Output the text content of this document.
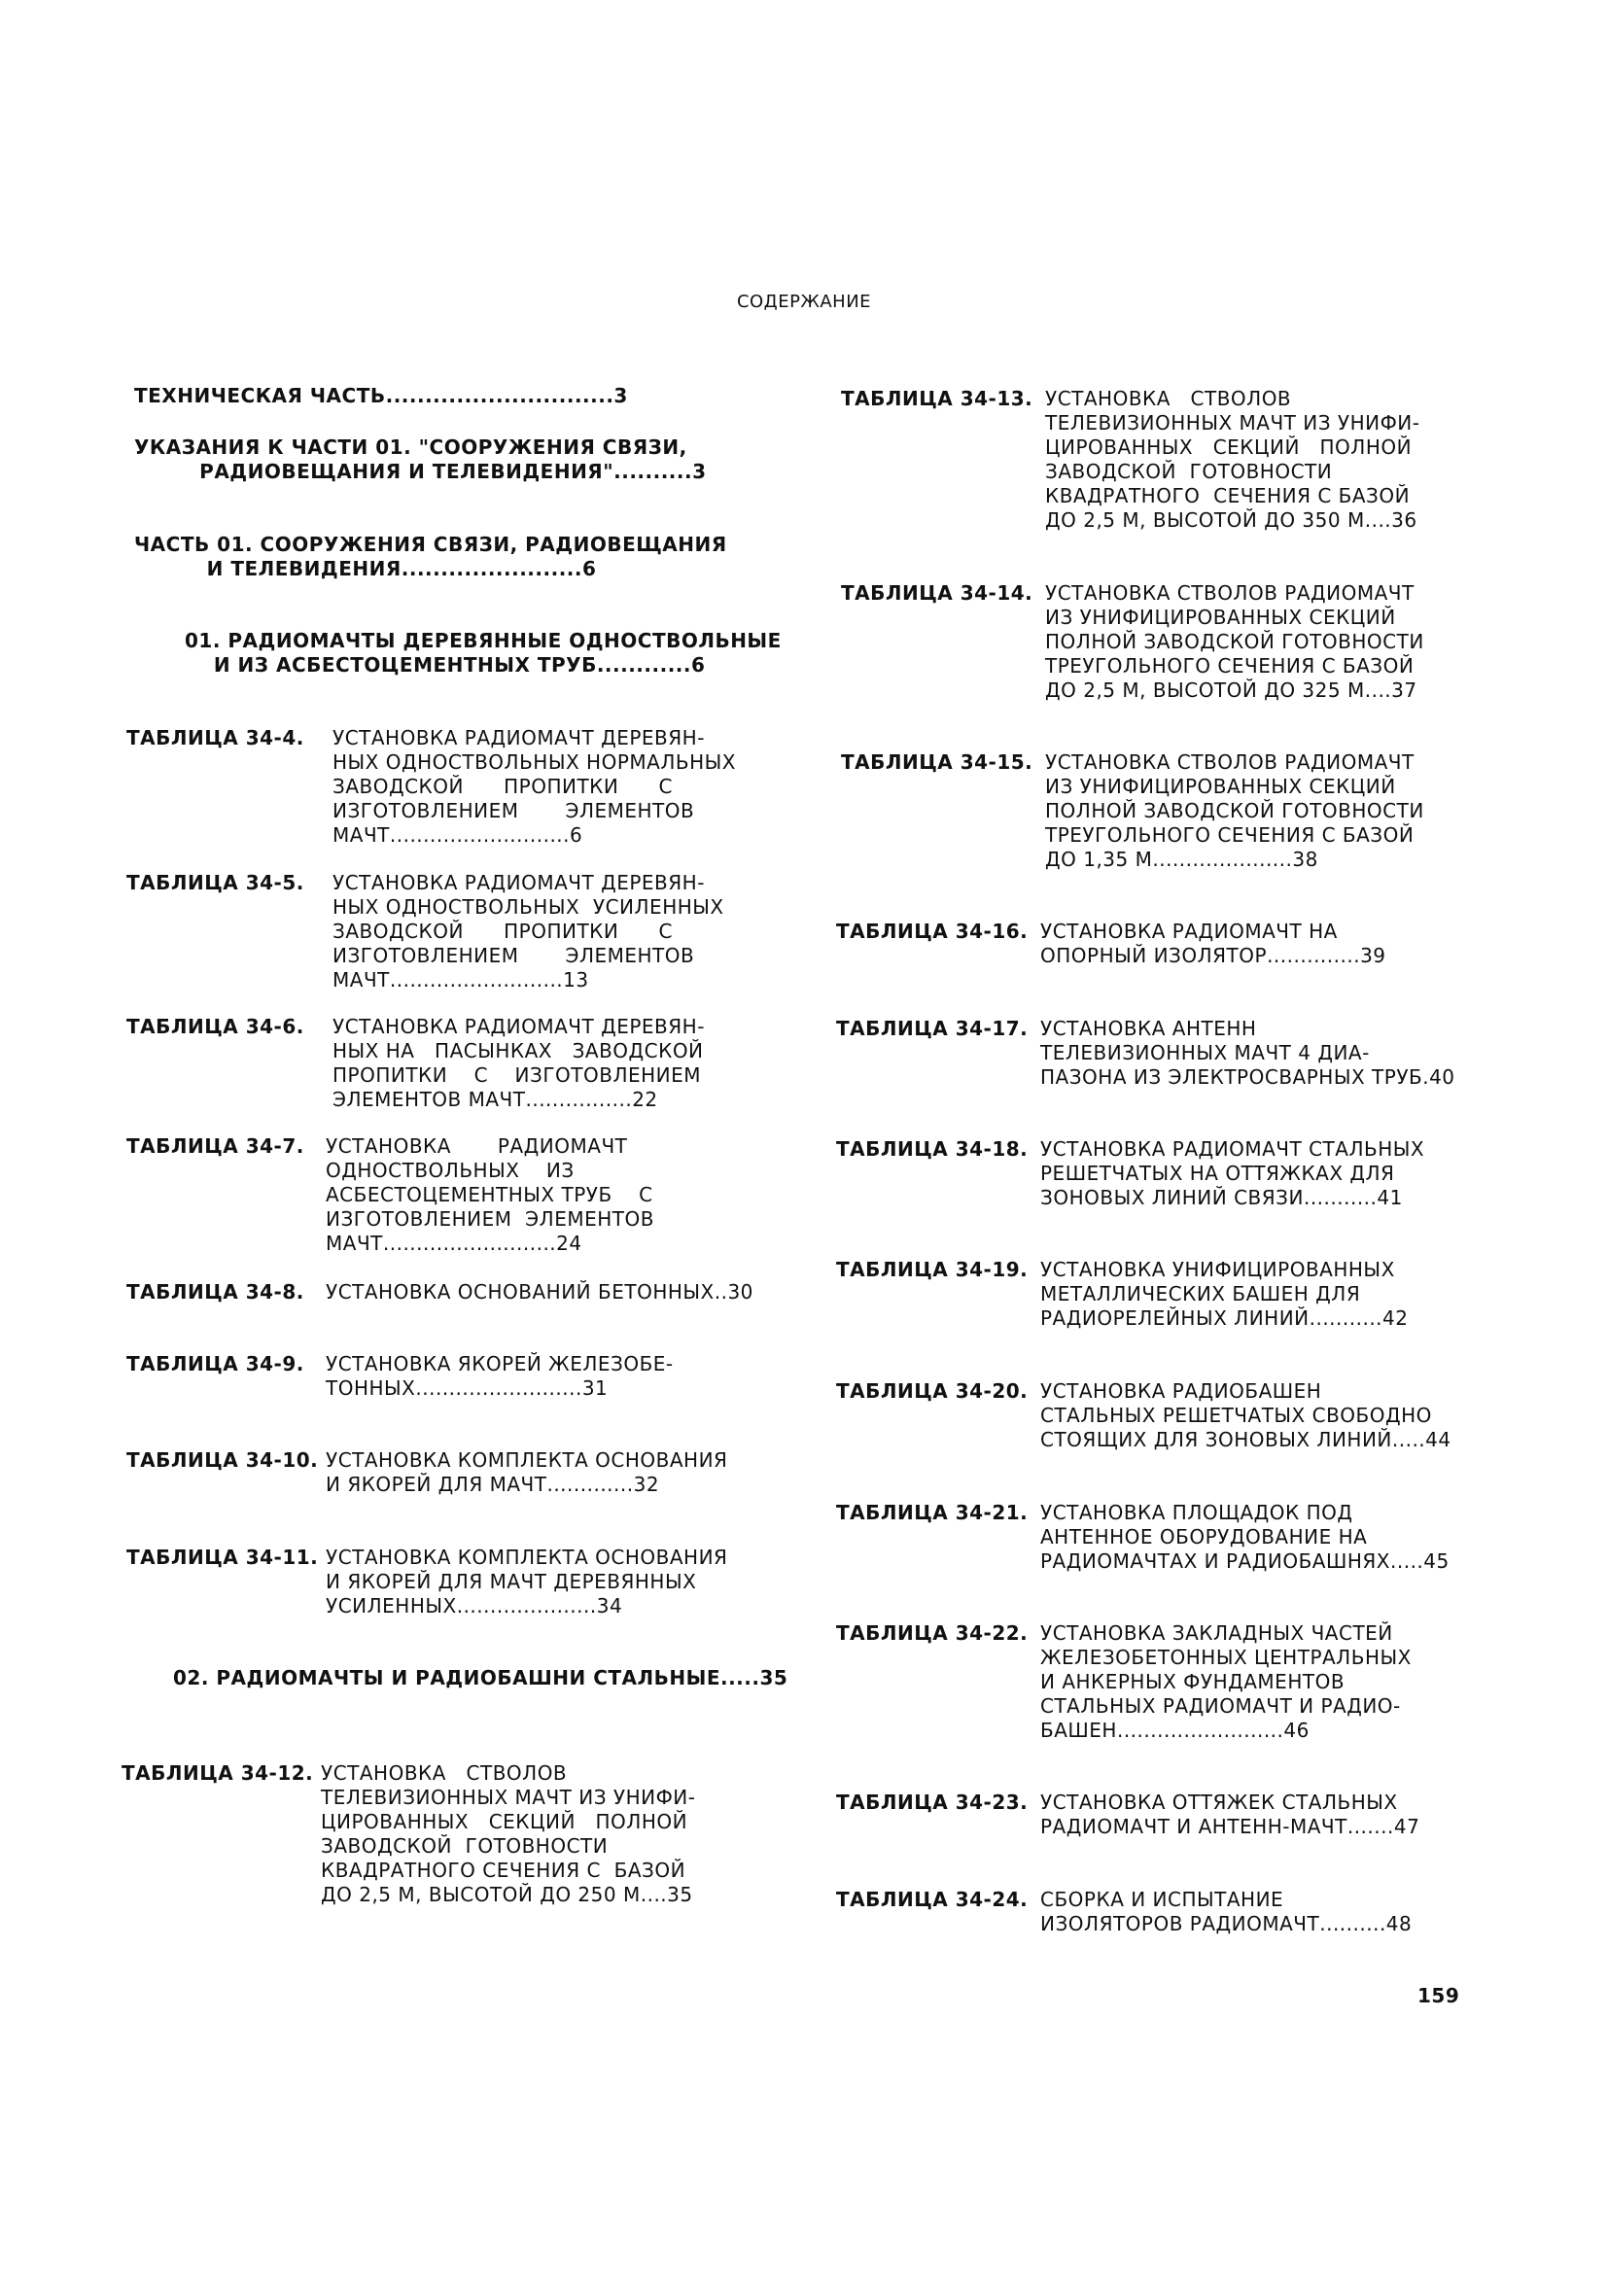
СОДЕРЖАНИЕ
ТЕХНИЧЕСКАЯ ЧАСТЬ.............................3
УКАЗАНИЯ К ЧАСТИ 01. "СООРУЖЕНИЯ СВЯЗИ,
РАДИОВЕЩАНИЯ И ТЕЛЕВИДЕНИЯ"..........3
ЧАСТЬ 01. СООРУЖЕНИЯ СВЯЗИ, РАДИОВЕЩАНИЯ
И ТЕЛЕВИДЕНИЯ.......................6
01. РАДИОМАЧТЫ ДЕРЕВЯННЫЕ ОДНОСТВОЛЬНЫЕ
И ИЗ АСБЕСТОЦЕМЕНТНЫХ ТРУБ............6
ТАБЛИЦА 34-4. УСТАНОВКА РАДИОМАЧТ ДЕРЕВЯН-
НЫХ ОДНОСТВОЛЬНЫХ НОРМАЛЬНЫХ
ЗАВОДСКОЙ      ПРОПИТКИ      С
ИЗГОТОВЛЕНИЕМ       ЭЛЕМЕНТОВ
МАЧТ...........................6
ТАБЛИЦА 34-5. УСТАНОВКА РАДИОМАЧТ ДЕРЕВЯН-
НЫХ ОДНОСТВОЛЬНЫХ  УСИЛЕННЫХ
ЗАВОДСКОЙ      ПРОПИТКИ      С
ИЗГОТОВЛЕНИЕМ       ЭЛЕМЕНТОВ
МАЧТ..........................13
ТАБЛИЦА 34-6. УСТАНОВКА РАДИОМАЧТ ДЕРЕВЯН-
НЫХ НА   ПАСЫНКАХ   ЗАВОДСКОЙ
ПРОПИТКИ    С    ИЗГОТОВЛЕНИЕМ
ЭЛЕМЕНТОВ МАЧТ................22
ТАБЛИЦА 34-7. УСТАНОВКА       РАДИОМАЧТ
ОДНОСТВОЛЬНЫХ    ИЗ
АСБЕСТОЦЕМЕНТНЫХ ТРУБ    С
ИЗГОТОВЛЕНИЕМ  ЭЛЕМЕНТОВ
МАЧТ..........................24
ТАБЛИЦА 34-8. УСТАНОВКА ОСНОВАНИЙ БЕТОННЫХ..30
ТАБЛИЦА 34-9. УСТАНОВКА ЯКОРЕЙ ЖЕЛЕЗОБЕ-
ТОННЫХ.........................31
ТАБЛИЦА 34-10. УСТАНОВКА КОМПЛЕКТА ОСНОВАНИЯ
И ЯКОРЕЙ ДЛЯ МАЧТ.............32
ТАБЛИЦА 34-11. УСТАНОВКА КОМПЛЕКТА ОСНОВАНИЯ
И ЯКОРЕЙ ДЛЯ МАЧТ ДЕРЕВЯННЫХ
УСИЛЕННЫХ.....................34
02. РАДИОМАЧТЫ И РАДИОБАШНИ СТАЛЬНЫЕ.....35
ТАБЛИЦА 34-12. УСТАНОВКА   СТВОЛОВ
ТЕЛЕВИЗИОННЫХ МАЧТ ИЗ УНИФИ-
ЦИРОВАННЫХ   СЕКЦИЙ   ПОЛНОЙ
ЗАВОДСКОЙ  ГОТОВНОСТИ
КВАДРАТНОГО СЕЧЕНИЯ С  БАЗОЙ
ДО 2,5 М, ВЫСОТОЙ ДО 250 М....35
ТАБЛИЦА 34-13. УСТАНОВКА   СТВОЛОВ
ТЕЛЕВИЗИОННЫХ МАЧТ ИЗ УНИФИ-
ЦИРОВАННЫХ   СЕКЦИЙ   ПОЛНОЙ
ЗАВОДСКОЙ  ГОТОВНОСТИ
КВАДРАТНОГО  СЕЧЕНИЯ С БАЗОЙ
ДО 2,5 М, ВЫСОТОЙ ДО 350 М....36
ТАБЛИЦА 34-14. УСТАНОВКА СТВОЛОВ РАДИОМАЧТ
ИЗ УНИФИЦИРОВАННЫХ СЕКЦИЙ
ПОЛНОЙ ЗАВОДСКОЙ ГОТОВНОСТИ
ТРЕУГОЛЬНОГО СЕЧЕНИЯ С БАЗОЙ
ДО 2,5 М, ВЫСОТОЙ ДО 325 М....37
ТАБЛИЦА 34-15. УСТАНОВКА СТВОЛОВ РАДИОМАЧТ
ИЗ УНИФИЦИРОВАННЫХ СЕКЦИЙ
ПОЛНОЙ ЗАВОДСКОЙ ГОТОВНОСТИ
ТРЕУГОЛЬНОГО СЕЧЕНИЯ С БАЗОЙ
ДО 1,35 М.....................38
ТАБЛИЦА 34-16. УСТАНОВКА РАДИОМАЧТ НА
ОПОРНЫЙ ИЗОЛЯТОР..............39
ТАБЛИЦА 34-17. УСТАНОВКА АНТЕНН
ТЕЛЕВИЗИОННЫХ МАЧТ 4 ДИА-
ПАЗОНА ИЗ ЭЛЕКТРОСВАРНЫХ ТРУБ.40
ТАБЛИЦА 34-18. УСТАНОВКА РАДИОМАЧТ СТАЛЬНЫХ
РЕШЕТЧАТЫХ НА ОТТЯЖКАХ ДЛЯ
ЗОНОВЫХ ЛИНИЙ СВЯЗИ...........41
ТАБЛИЦА 34-19. УСТАНОВКА УНИФИЦИРОВАННЫХ
МЕТАЛЛИЧЕСКИХ БАШЕН ДЛЯ
РАДИОРЕЛЕЙНЫХ ЛИНИЙ...........42
ТАБЛИЦА 34-20. УСТАНОВКА РАДИОБАШЕН
СТАЛЬНЫХ РЕШЕТЧАТЫХ СВОБОДНО
СТОЯЩИХ ДЛЯ ЗОНОВЫХ ЛИНИЙ.....44
ТАБЛИЦА 34-21. УСТАНОВКА ПЛОЩАДОК ПОД
АНТЕННОЕ ОБОРУДОВАНИЕ НА
РАДИОМАЧТАХ И РАДИОБАШНЯХ.....45
ТАБЛИЦА 34-22. УСТАНОВКА ЗАКЛАДНЫХ ЧАСТЕЙ
ЖЕЛЕЗОБЕТОННЫХ ЦЕНТРАЛЬНЫХ
И АНКЕРНЫХ ФУНДАМЕНТОВ
СТАЛЬНЫХ РАДИОМАЧТ И РАДИО-
БАШЕН.........................46
ТАБЛИЦА 34-23. УСТАНОВКА ОТТЯЖЕК СТАЛЬНЫХ
РАДИОМАЧТ И АНТЕНН-МАЧТ.......47
ТАБЛИЦА 34-24. СБОРКА И ИСПЫТАНИЕ
ИЗОЛЯТОРОВ РАДИОМАЧТ..........48
159
